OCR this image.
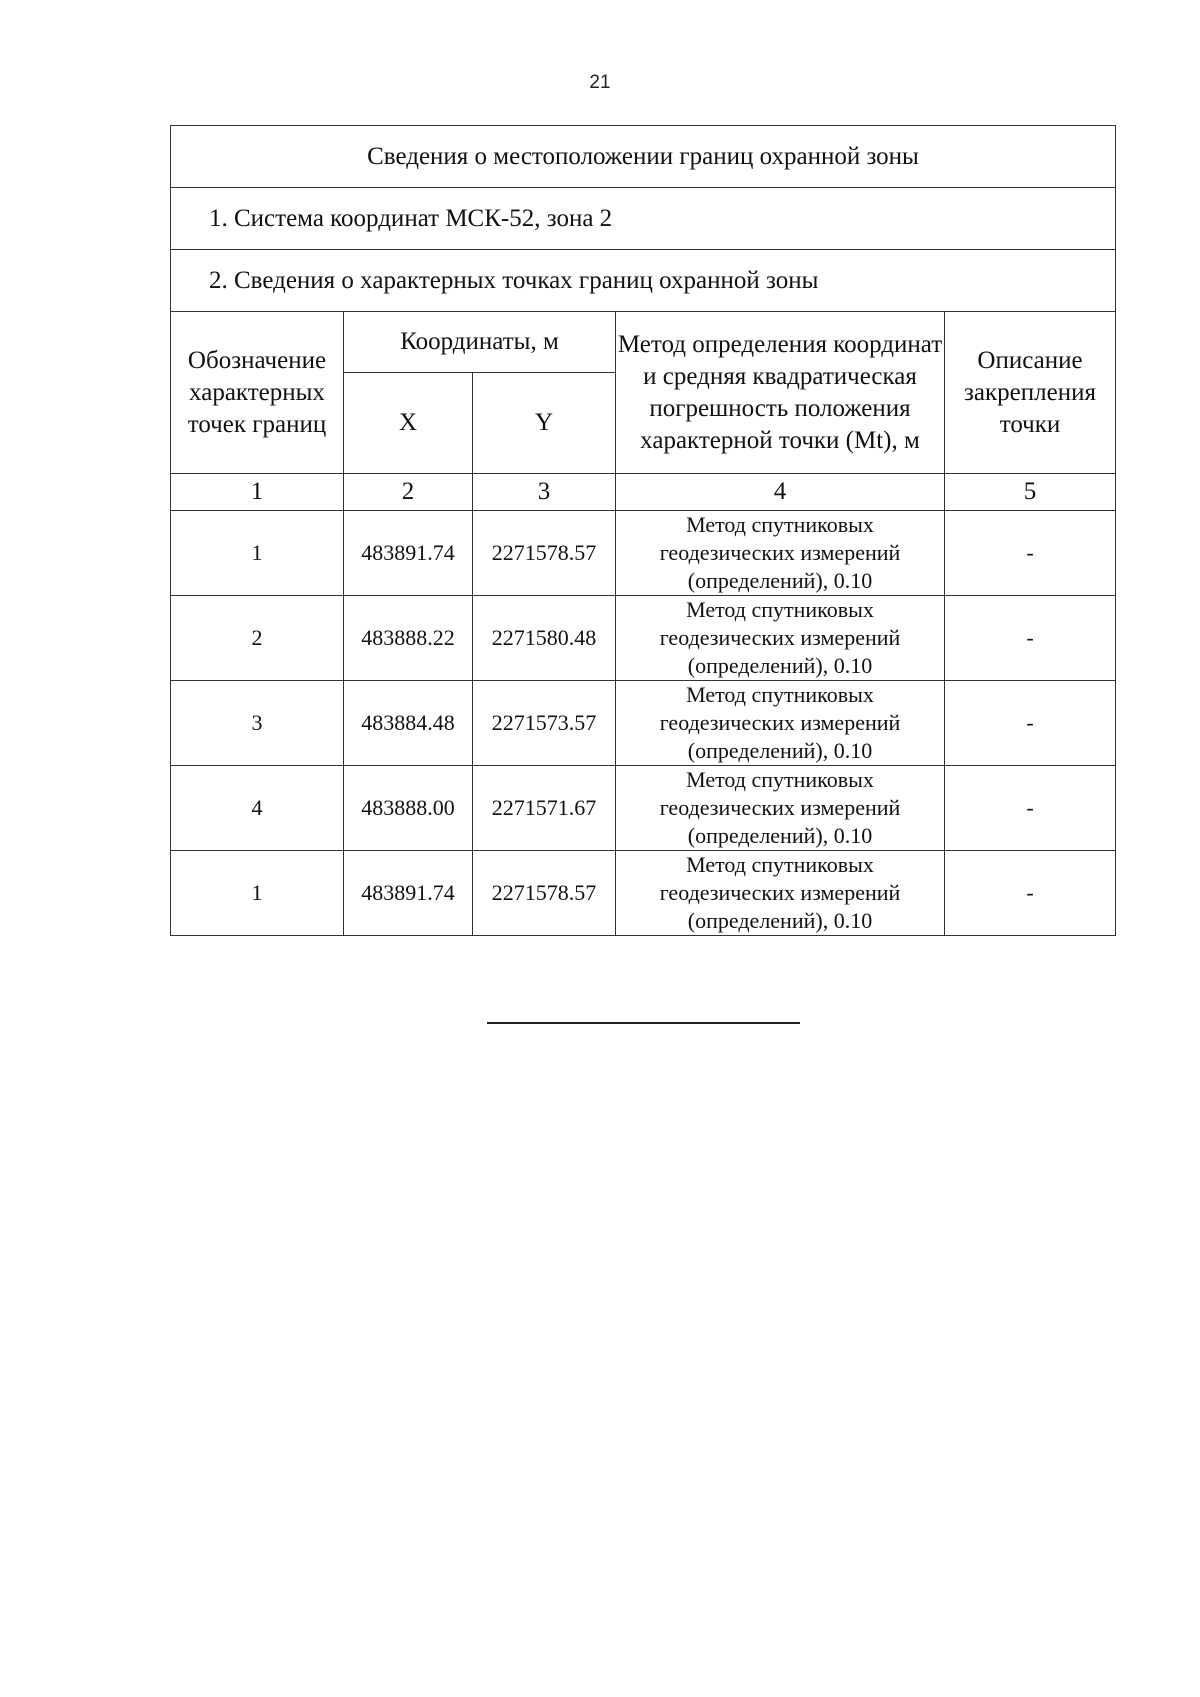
21
Сведения о местоположении границ охранной зоны				
1. Система координат МСК-52, зона 2				
2. Сведения о характерных точках границ охранной зоны				
Обозначение характерных точек границ	Координаты, м		Метод определения координат и средняя квадратическая погрешность положения характерной точки (Mt), м	Описание закрепления точки
	X	Y		
1	2	3	4	5
1	483891.74	2271578.57	Метод спутниковых геодезических измерений (определений), 0.10	-
2	483888.22	2271580.48	Метод спутниковых геодезических измерений (определений), 0.10	-
3	483884.48	2271573.57	Метод спутниковых геодезических измерений (определений), 0.10	-
4	483888.00	2271571.67	Метод спутниковых геодезических измерений (определений), 0.10	-
1	483891.74	2271578.57	Метод спутниковых геодезических измерений (определений), 0.10	-
